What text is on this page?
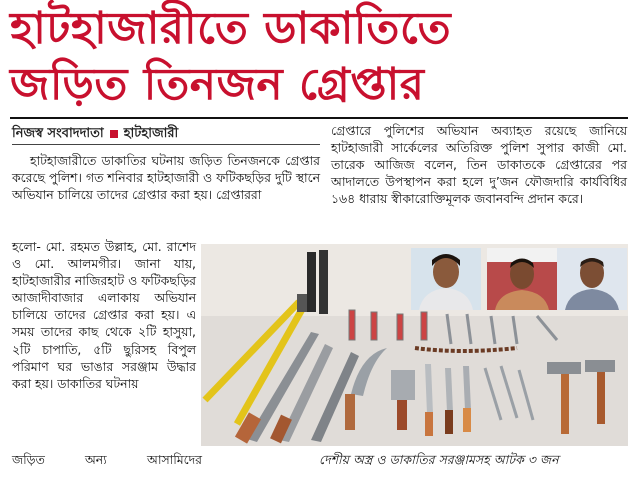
হাটহাজারীতে ডাকাতিতে
জড়িত তিনজন গ্রেপ্তার
নিজস্ব সংবাদদাতা হাটহাজারী

হাটহাজারীতে ডাকাতির ঘটনায় জড়িত তিনজনকে গ্রেপ্তার করেছে পুলিশ। গত শনিবার হাটহাজারী ও ফটিকছড়ির দুটি স্থানে অভিযান চালিয়ে তাদের গ্রেপ্তার করা হয়। গ্রেপ্তাররা

হলো- মো. রহমত উল্লাহ, মো. রাশেদ ও মো. আলমগীর। জানা যায়, হাটহাজারীর নাজিরহাট ও ফটিকছড়ির আজাদীবাজার এলাকায় অভিযান চালিয়ে তাদের গ্রেপ্তার করা হয়। এ সময় তাদের কাছ থেকে ২টি হাসুয়া, ২টি চাপাতি, ৫টি ছুরিসহ বিপুল পরিমাণ ঘর ভাঙার সরঞ্জাম উদ্ধার করা হয়। ডাকাতির ঘটনায়

জড়িত অন্য আসামিদের

গ্রেপ্তারে পুলিশের অভিযান অব্যাহত রয়েছে জানিয়ে হাটহাজারী সার্কেলের অতিরিক্ত পুলিশ সুপার কাজী মো. তারেক আজিজ বলেন, তিন ডাকাতকে গ্রেপ্তারের পর আদালতে উপস্থাপন করা হলে দু’জন ফৌজদারি কার্যবিধির ১৬৪ ধারায় স্বীকারোক্তিমূলক জবানবন্দি প্রদান করে।

দেশীয় অস্ত্র ও ডাকাতির সরঞ্জামসহ আটক ৩ জন
